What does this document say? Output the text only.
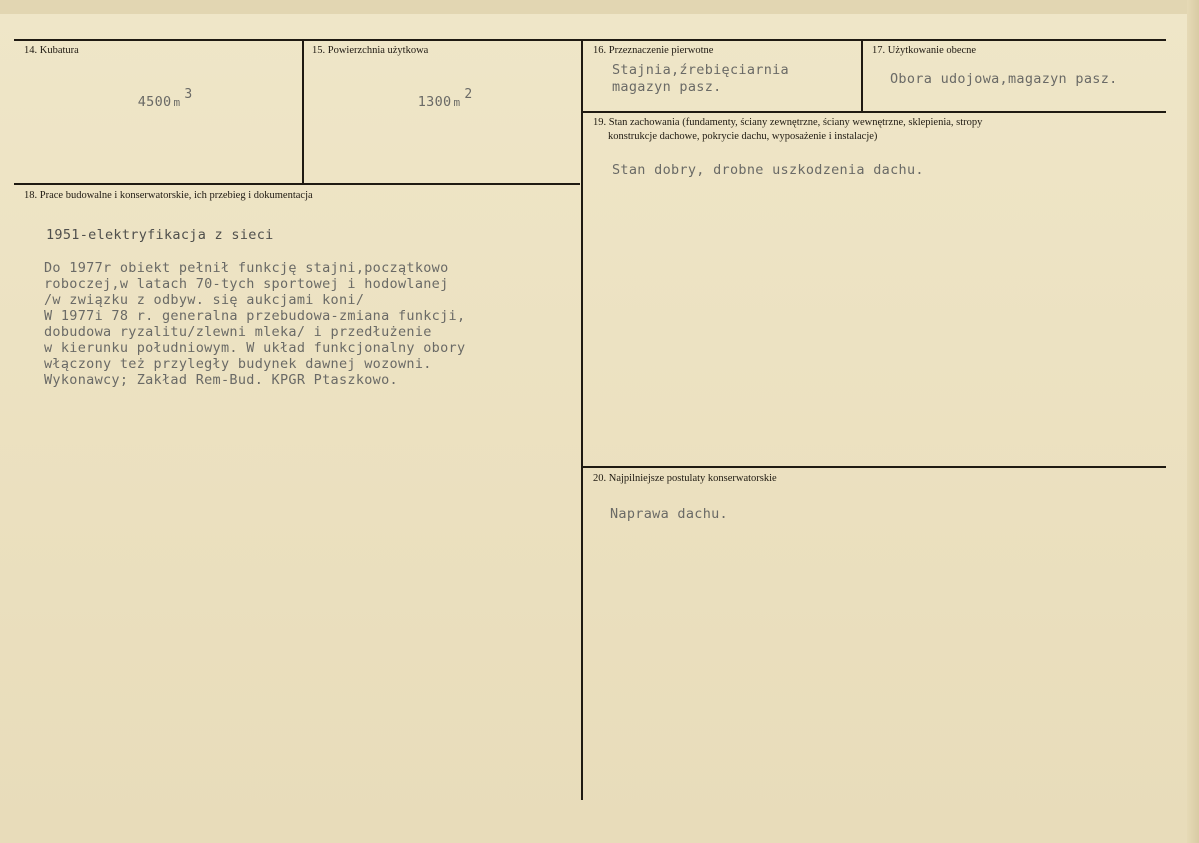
14. Kubatura

4500 m3

15. Powierzchnia użytkowa

1300 m2

16. Przeznaczenie pierwotne
Stajnia,źrebięciarnia
magazyn pasz.
17. Użytkowanie obecne
Obora udojowa,magazyn pasz.
18. Prace budowalne i konserwatorskie, ich przebieg i dokumentacja
1951-elektryfikacja z sieci
Do 1977r obiekt pełnił funkcję stajni,początkowo
roboczej,w latach 70-tych sportowej i hodowlanej
/w związku z odbyw. się aukcjami koni/
W 1977i 78 r. generalna przebudowa-zmiana funkcji,
dobudowa ryzalitu/zlewni mleka/ i przedłużenie
w kierunku południowym. W układ funkcjonalny obory
włączony też przyległy budynek dawnej wozowni.
Wykonawcy; Zakład Rem-Bud. KPGR Ptaszkowo.
19. Stan zachowania (fundamenty, ściany zewnętrzne, ściany wewnętrzne, sklepienia, stropy
konstrukcje dachowe, pokrycie dachu, wyposażenie i instalacje)
Stan dobry, drobne uszkodzenia dachu.
20. Najpilniejsze postulaty konserwatorskie
Naprawa dachu.
